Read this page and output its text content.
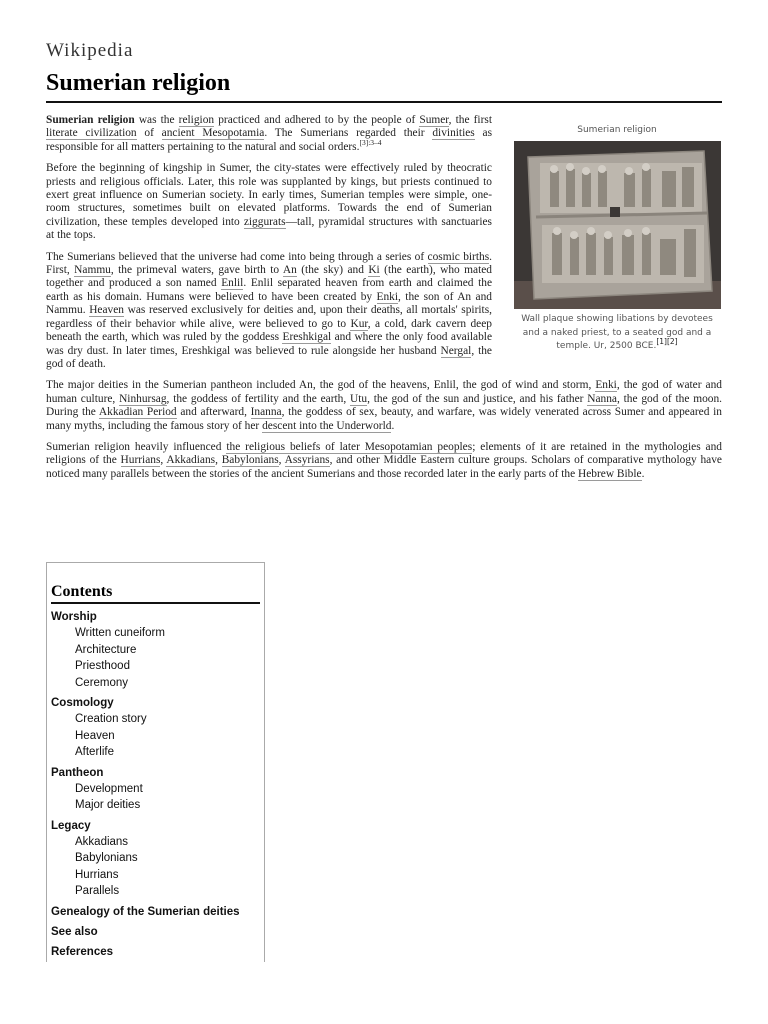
Wikipedia
Sumerian religion
Sumerian religion
Wall plaque showing libations by devotees and a naked priest, to a seated god and a temple. Ur, 2500 BCE.[1][2]

Sumerian religion was the religion practiced and adhered to by the people of Sumer, the first literate civilization of ancient Mesopotamia. The Sumerians regarded their divinities as responsible for all matters pertaining to the natural and social orders.$^{[3]:3-4}$

Before the beginning of kingship in Sumer, the city-states were effectively ruled by theocratic priests and religious officials. Later, this role was supplanted by kings, but priests continued to exert great influence on Sumerian society. In early times, Sumerian temples were simple, one-room structures, sometimes built on elevated platforms. Towards the end of Sumerian civilization, these temples developed into ziggurats—tall, pyramidal structures with sanctuaries at the tops.

The Sumerians believed that the universe had come into being through a series of cosmic births. First, Nammu, the primeval waters, gave birth to An (the sky) and Ki (the earth), who mated together and produced a son named Enlil. Enlil separated heaven from earth and claimed the earth as his domain. Humans were believed to have been created by Enki, the son of An and Nammu. Heaven was reserved exclusively for deities and, upon their deaths, all mortals' spirits, regardless of their behavior while alive, were believed to go to Kur, a cold, dark cavern deep beneath the earth, which was ruled by the goddess Ereshkigal and where the only food available was dry dust. In later times, Ereshkigal was believed to rule alongside her husband Nergal, the god of death.

The major deities in the Sumerian pantheon included An, the god of the heavens, Enlil, the god of wind and storm, Enki, the god of water and human culture, Ninhursag, the goddess of fertility and the earth, Utu, the god of the sun and justice, and his father Nanna, the god of the moon. During the Akkadian Period and afterward, Inanna, the goddess of sex, beauty, and warfare, was widely venerated across Sumer and appeared in many myths, including the famous story of her descent into the Underworld.

Sumerian religion heavily influenced the religious beliefs of later Mesopotamian peoples; elements of it are retained in the mythologies and religions of the Hurrians, Akkadians, Babylonians, Assyrians, and other Middle Eastern culture groups. Scholars of comparative mythology have noticed many parallels between the stories of the ancient Sumerians and those recorded later in the early parts of the Hebrew Bible.

Contents
Worship
Written cuneiform
Architecture
Priesthood
Ceremony
Cosmology
Creation story
Heaven
Afterlife
Pantheon
Development
Major deities
Legacy
Akkadians
Babylonians
Hurrians
Parallels
Genealogy of the Sumerian deities
See also
References
